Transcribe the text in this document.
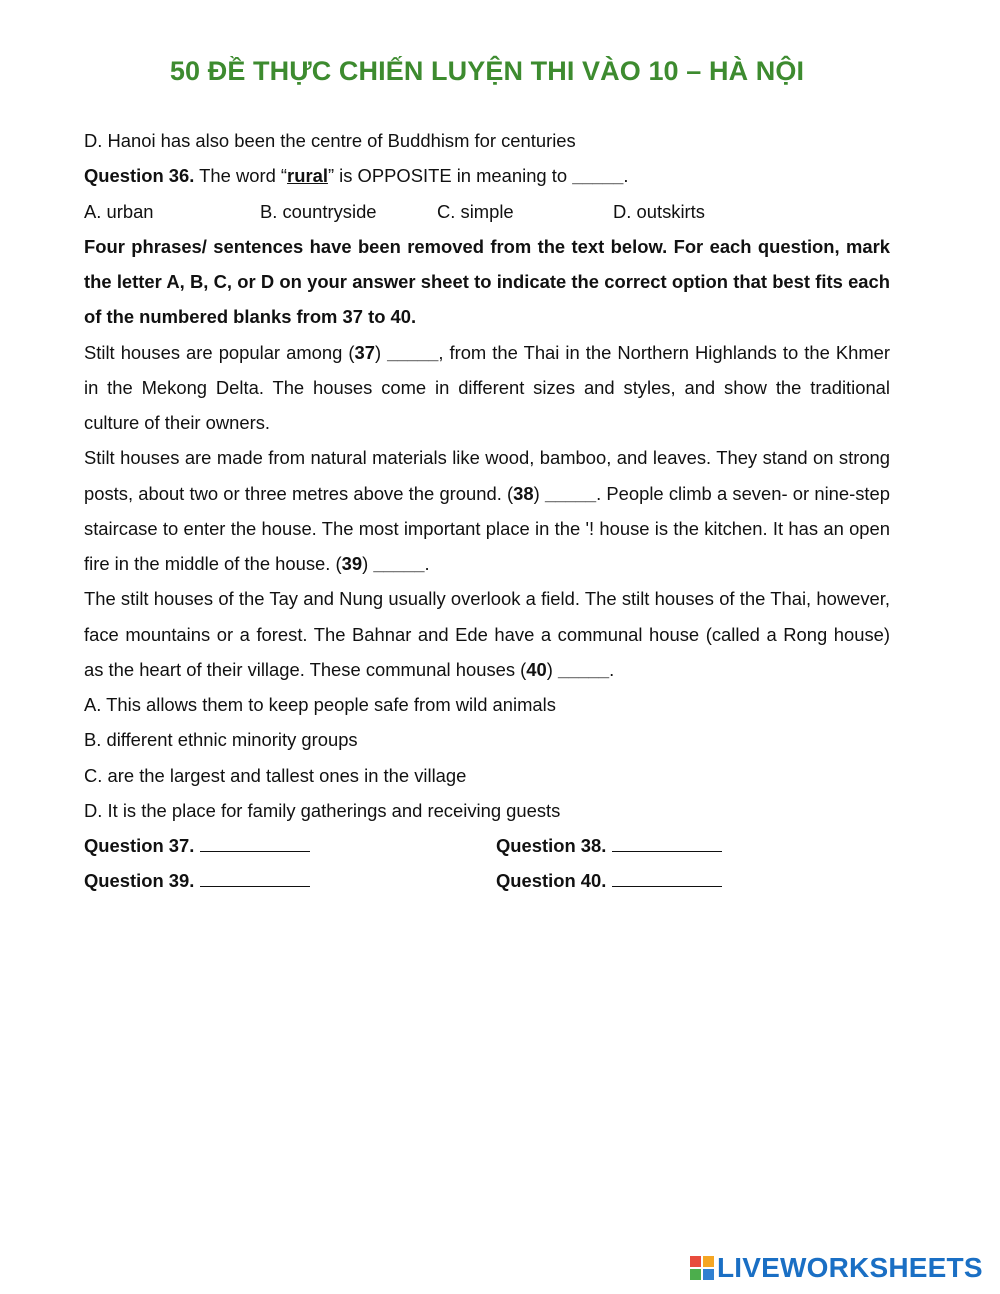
50 ĐỀ THỰC CHIẾN LUYỆN THI VÀO 10 – HÀ NỘI
D. Hanoi has also been the centre of Buddhism for centuries
Question 36. The word “rural” is OPPOSITE in meaning to _____.
A. urban	B. countryside	C. simple	D. outskirts
Four phrases/ sentences have been removed from the text below. For each question, mark the letter A, B, C, or D on your answer sheet to indicate the correct option that best fits each of the numbered blanks from 37 to 40.
Stilt houses are popular among (37) _____, from the Thai in the Northern Highlands to the Khmer in the Mekong Delta. The houses come in different sizes and styles, and show the traditional culture of their owners.
Stilt houses are made from natural materials like wood, bamboo, and leaves. They stand on strong posts, about two or three metres above the ground. (38) _____. People climb a seven- or nine-step staircase to enter the house. The most important place in the '! house is the kitchen. It has an open fire in the middle of the house. (39) _____.
The stilt houses of the Tay and Nung usually overlook a field. The stilt houses of the Thai, however, face mountains or a forest. The Bahnar and Ede have a communal house (called a Rong house) as the heart of their village. These communal houses (40) _____.
A. This allows them to keep people safe from wild animals
B. different ethnic minority groups
C. are the largest and tallest ones in the village
D. It is the place for family gatherings and receiving guests
Question 37.	Question 38.
Question 39.	Question 40.
LIVEWORKSHEETS
